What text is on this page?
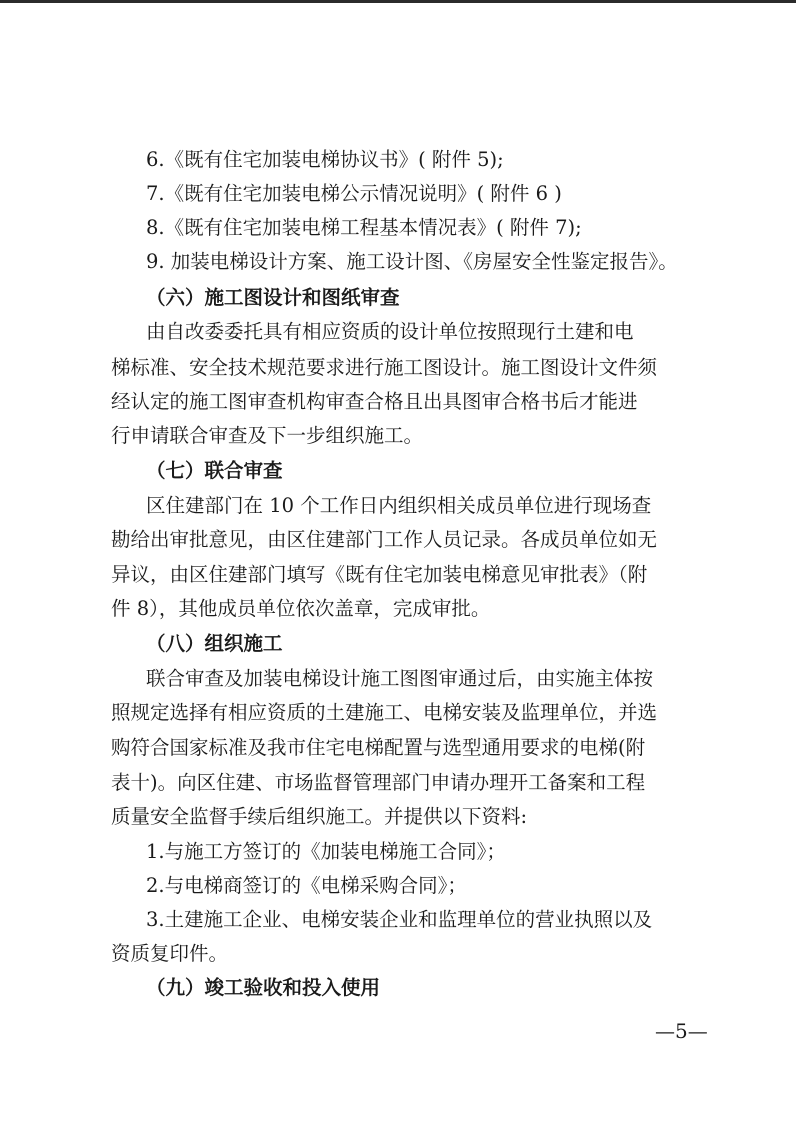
6.《既有住宅加装电梯协议书》( 附件 5);
7.《既有住宅加装电梯公示情况说明》( 附件 6 )
8.《既有住宅加装电梯工程基本情况表》( 附件 7);
9. 加装电梯设计方案、施工设计图、《房屋安全性鉴定报告》。
（六）施工图设计和图纸审查
由自改委委托具有相应资质的设计单位按照现行土建和电
梯标准、安全技术规范要求进行施工图设计。施工图设计文件须
经认定的施工图审查机构审查合格且出具图审合格书后才能进
行申请联合审查及下一步组织施工。
（七）联合审查
区住建部门在 10 个工作日内组织相关成员单位进行现场查
勘给出审批意见，由区住建部门工作人员记录。各成员单位如无
异议，由区住建部门填写《既有住宅加装电梯意见审批表》（附
件 8），其他成员单位依次盖章，完成审批。
（八）组织施工
联合审查及加装电梯设计施工图图审通过后，由实施主体按
照规定选择有相应资质的土建施工、电梯安装及监理单位，并选
购符合国家标准及我市住宅电梯配置与选型通用要求的电梯(附
表十)。向区住建、市场监督管理部门申请办理开工备案和工程
质量安全监督手续后组织施工。并提供以下资料:
1.与施工方签订的《加装电梯施工合同》；
2.与电梯商签订的《电梯采购合同》；
3.土建施工企业、电梯安装企业和监理单位的营业执照以及
资质复印件。
（九）竣工验收和投入使用
—5—
